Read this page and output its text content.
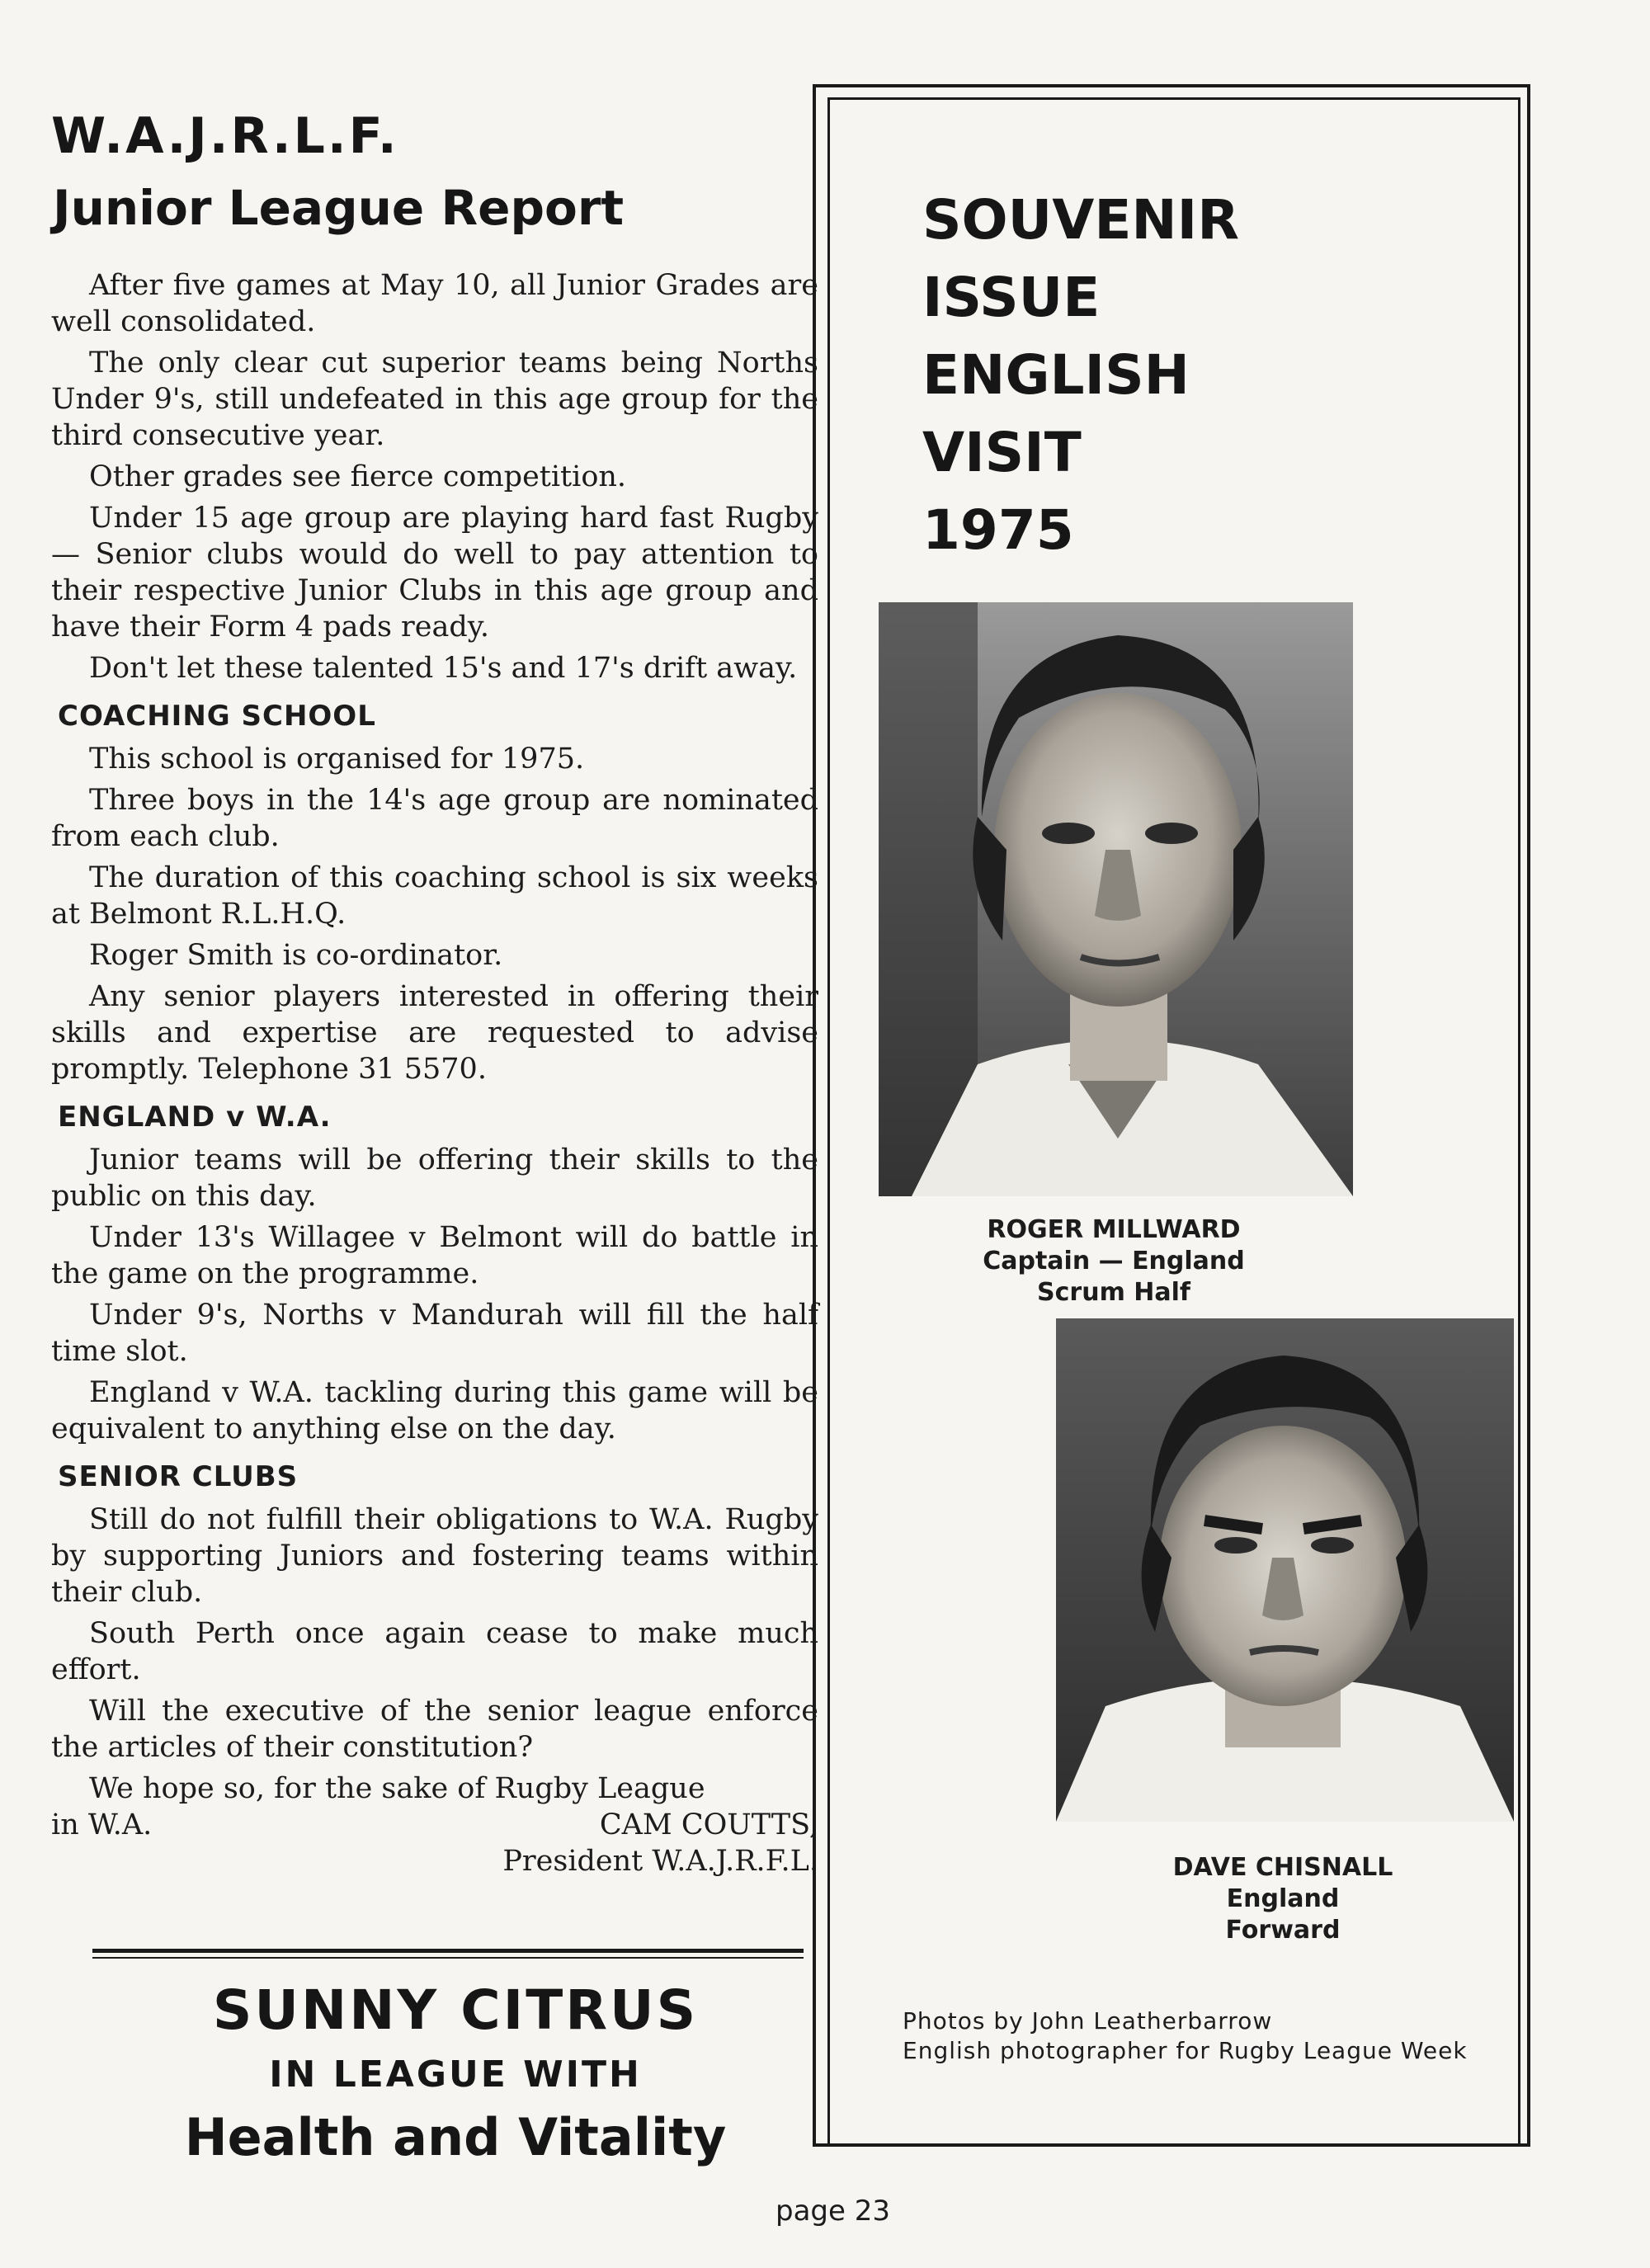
W.A.J.R.L.F.
Junior League Report

After five games at May 10, all Junior Grades are well consolidated.

The only clear cut superior teams being Norths Under 9's, still undefeated in this age group for the third consecutive year.

Other grades see fierce competition.

Under 15 age group are playing hard fast Rugby — Senior clubs would do well to pay attention to their respective Junior Clubs in this age group and have their Form 4 pads ready.

Don't let these talented 15's and 17's drift away.

COACHING SCHOOL

This school is organised for 1975.

Three boys in the 14's age group are nominated from each club.

The duration of this coaching school is six weeks at Belmont R.L.H.Q.

Roger Smith is co-ordinator.

Any senior players interested in offering their skills and expertise are requested to advise promptly. Telephone 31 5570.

ENGLAND v W.A.

Junior teams will be offering their skills to the public on this day.

Under 13's Willagee v Belmont will do battle in the game on the programme.

Under 9's, Norths v Mandurah will fill the half time slot.

England v W.A. tackling during this game will be equivalent to anything else on the day.

SENIOR CLUBS

Still do not fulfill their obligations to W.A. Rugby by supporting Juniors and fostering teams within their club.

South Perth once again cease to make much effort.

Will the executive of the senior league enforce the articles of their constitution?

We hope so, for the sake of Rugby League
in W.A.	CAM COUTTS,
President W.A.J.R.F.L.
SUNNY CITRUS
IN LEAGUE WITH
Health and Vitality
SOUVENIR
ISSUE
ENGLISH
VISIT
1975
ROGER MILLWARD
Captain — England
Scrum Half
DAVE CHISNALL
England
Forward
Photos by John Leatherbarrow
English photographer for Rugby League Week
page 23
